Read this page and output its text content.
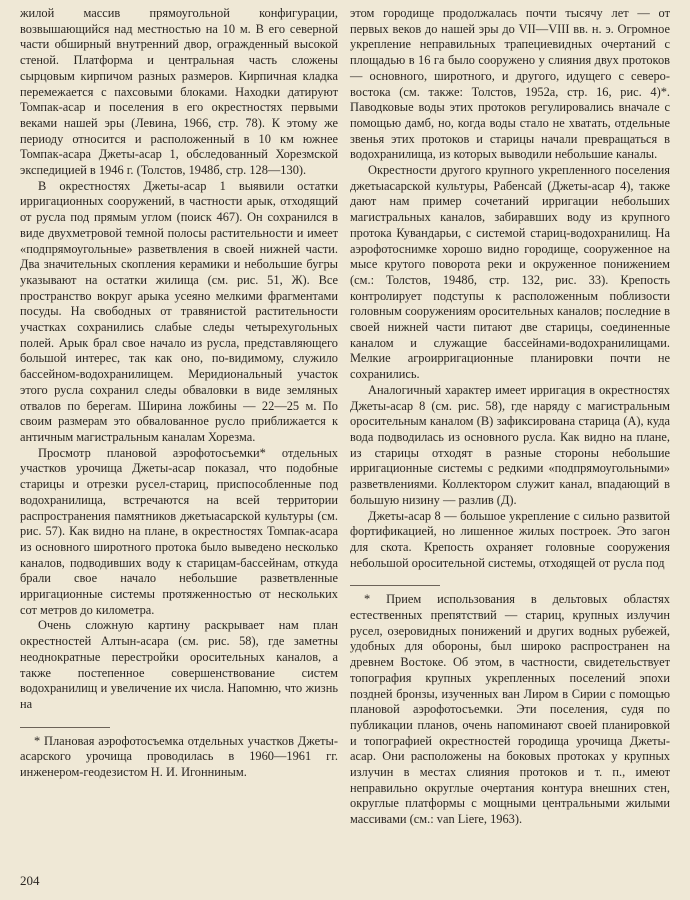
жилой массив прямоугольной конфигурации, возвышающийся над местностью на 10 м. В его северной части обширный внутренний двор, огражденный высокой стеной. Платформа и центральная часть сложены сырцовым кирпичом разных размеров. Кирпичная кладка перемежается с пахсовыми блоками. Находки датируют Томпак-асар и поселения в его окрестностях первыми веками нашей эры (Левина, 1966, стр. 78). К этому же периоду относится и расположенный в 10 км южнее Томпак-асара Джеты-асар 1, обследованный Хорезмской экспедицией в 1946 г. (Толстов, 1948б, стр. 128—130).

В окрестностях Джеты-асар 1 выявили остатки ирригационных сооружений, в частности арык, отходящий от русла под прямым углом (поиск 467). Он сохранился в виде двухметровой темной полосы растительности и имеет «подпрямоугольные» разветвления в своей нижней части. Два значительных скопления керамики и небольшие бугры указывают на остатки жилища (см. рис. 51, Ж). Все пространство вокруг арыка усеяно мелкими фрагментами посуды. На свободных от травянистой растительности участках сохранились слабые следы четырехугольных полей. Арык брал свое начало из русла, представляющего большой интерес, так как оно, по-видимому, служило бассейном-водохранилищем. Меридиональный участок этого русла сохранил следы обваловки в виде земляных отвалов по берегам. Ширина ложбины — 22—25 м. По своим размерам это обвалованное русло приближается к античным магистральным каналам Хорезма.

Просмотр плановой аэрофотосъемки* отдельных участков урочища Джеты-асар показал, что подобные старицы и отрезки русел-стариц, приспособленные под водохранилища, встречаются на всей территории распространения памятников джетыасарской культуры (см. рис. 57). Как видно на плане, в окрестностях Томпак-асара из основного широтного протока было выведено несколько каналов, подводивших воду к старицам-бассейнам, откуда брали свое начало небольшие разветвленные ирригационные системы протяженностью от нескольких сот метров до километра.

Очень сложную картину раскрывает нам план окрестностей Алтын-асара (см. рис. 58), где заметны неоднократные перестройки оросительных каналов, а также постепенное совершенствование систем водохранилищ и увеличение их числа. Напомню, что жизнь на

* Плановая аэрофотосъемка отдельных участков Джеты-асарского урочища проводилась в 1960—1961 гг. инженером-геодезистом Н. И. Игонниным.

этом городище продолжалась почти тысячу лет — от первых веков до нашей эры до VII—VIII вв. н. э. Огромное укрепление неправильных трапециевидных очертаний с площадью в 16 га было сооружено у слияния двух протоков — основного, широтного, и другого, идущего с северо-востока (см. также: Толстов, 1952а, стр. 16, рис. 4)*. Паводковые воды этих протоков регулировались вначале с помощью дамб, но, когда воды стало не хватать, отдельные звенья этих протоков и старицы начали превращаться в водохранилища, из которых выводили небольшие каналы.

Окрестности другого крупного укрепленного поселения джетыасарской культуры, Рабенсай (Джеты-асар 4), также дают нам пример сочетаний ирригации небольших магистральных каналов, забиравших воду из крупного протока Кувандарьи, с системой стариц-водохранилищ. На аэрофотоснимке хорошо видно городище, сооруженное на мысе крутого поворота реки и окруженное понижением (см.: Толстов, 1948б, стр. 132, рис. 33). Крепость контролирует подступы к расположенным поблизости головным сооружениям оросительных каналов; последние в своей нижней части питают две старицы, соединенные каналом и служащие бассейнами-водохранилищами. Мелкие агроирригационные планировки почти не сохранились.

Аналогичный характер имеет ирригация в окрестностях Джеты-асар 8 (см. рис. 58), где наряду с магистральным оросительным каналом (В) зафиксирована старица (А), куда вода подводилась из основного русла. Как видно на плане, из старицы отходят в разные стороны небольшие ирригационные системы с редкими «подпрямоугольными» разветвлениями. Коллектором служит канал, впадающий в большую низину — разлив (Д).

Джеты-асар 8 — большое укрепление с сильно развитой фортификацией, но лишенное жилых построек. Это загон для скота. Крепость охраняет головные сооружения небольшой оросительной системы, отходящей от русла под

* Прием использования в дельтовых областях естественных препятствий — стариц, крупных излучин русел, озеровидных понижений и других водных рубежей, удобных для обороны, был широко распространен на древнем Востоке. Об этом, в частности, свидетельствует топография крупных укрепленных поселений эпохи поздней бронзы, изученных ван Лиром в Сирии с помощью плановой аэрофотосъемки. Эти поселения, судя по публикации планов, очень напоминают своей планировкой и топографией окрестностей городища урочища Джеты-асар. Они расположены на боковых протоках у крупных излучин в местах слияния протоков и т. п., имеют неправильно округлые очертания контура внешних стен, округлые платформы с мощными центральными жилыми массивами (см.: van Liere, 1963).

204
